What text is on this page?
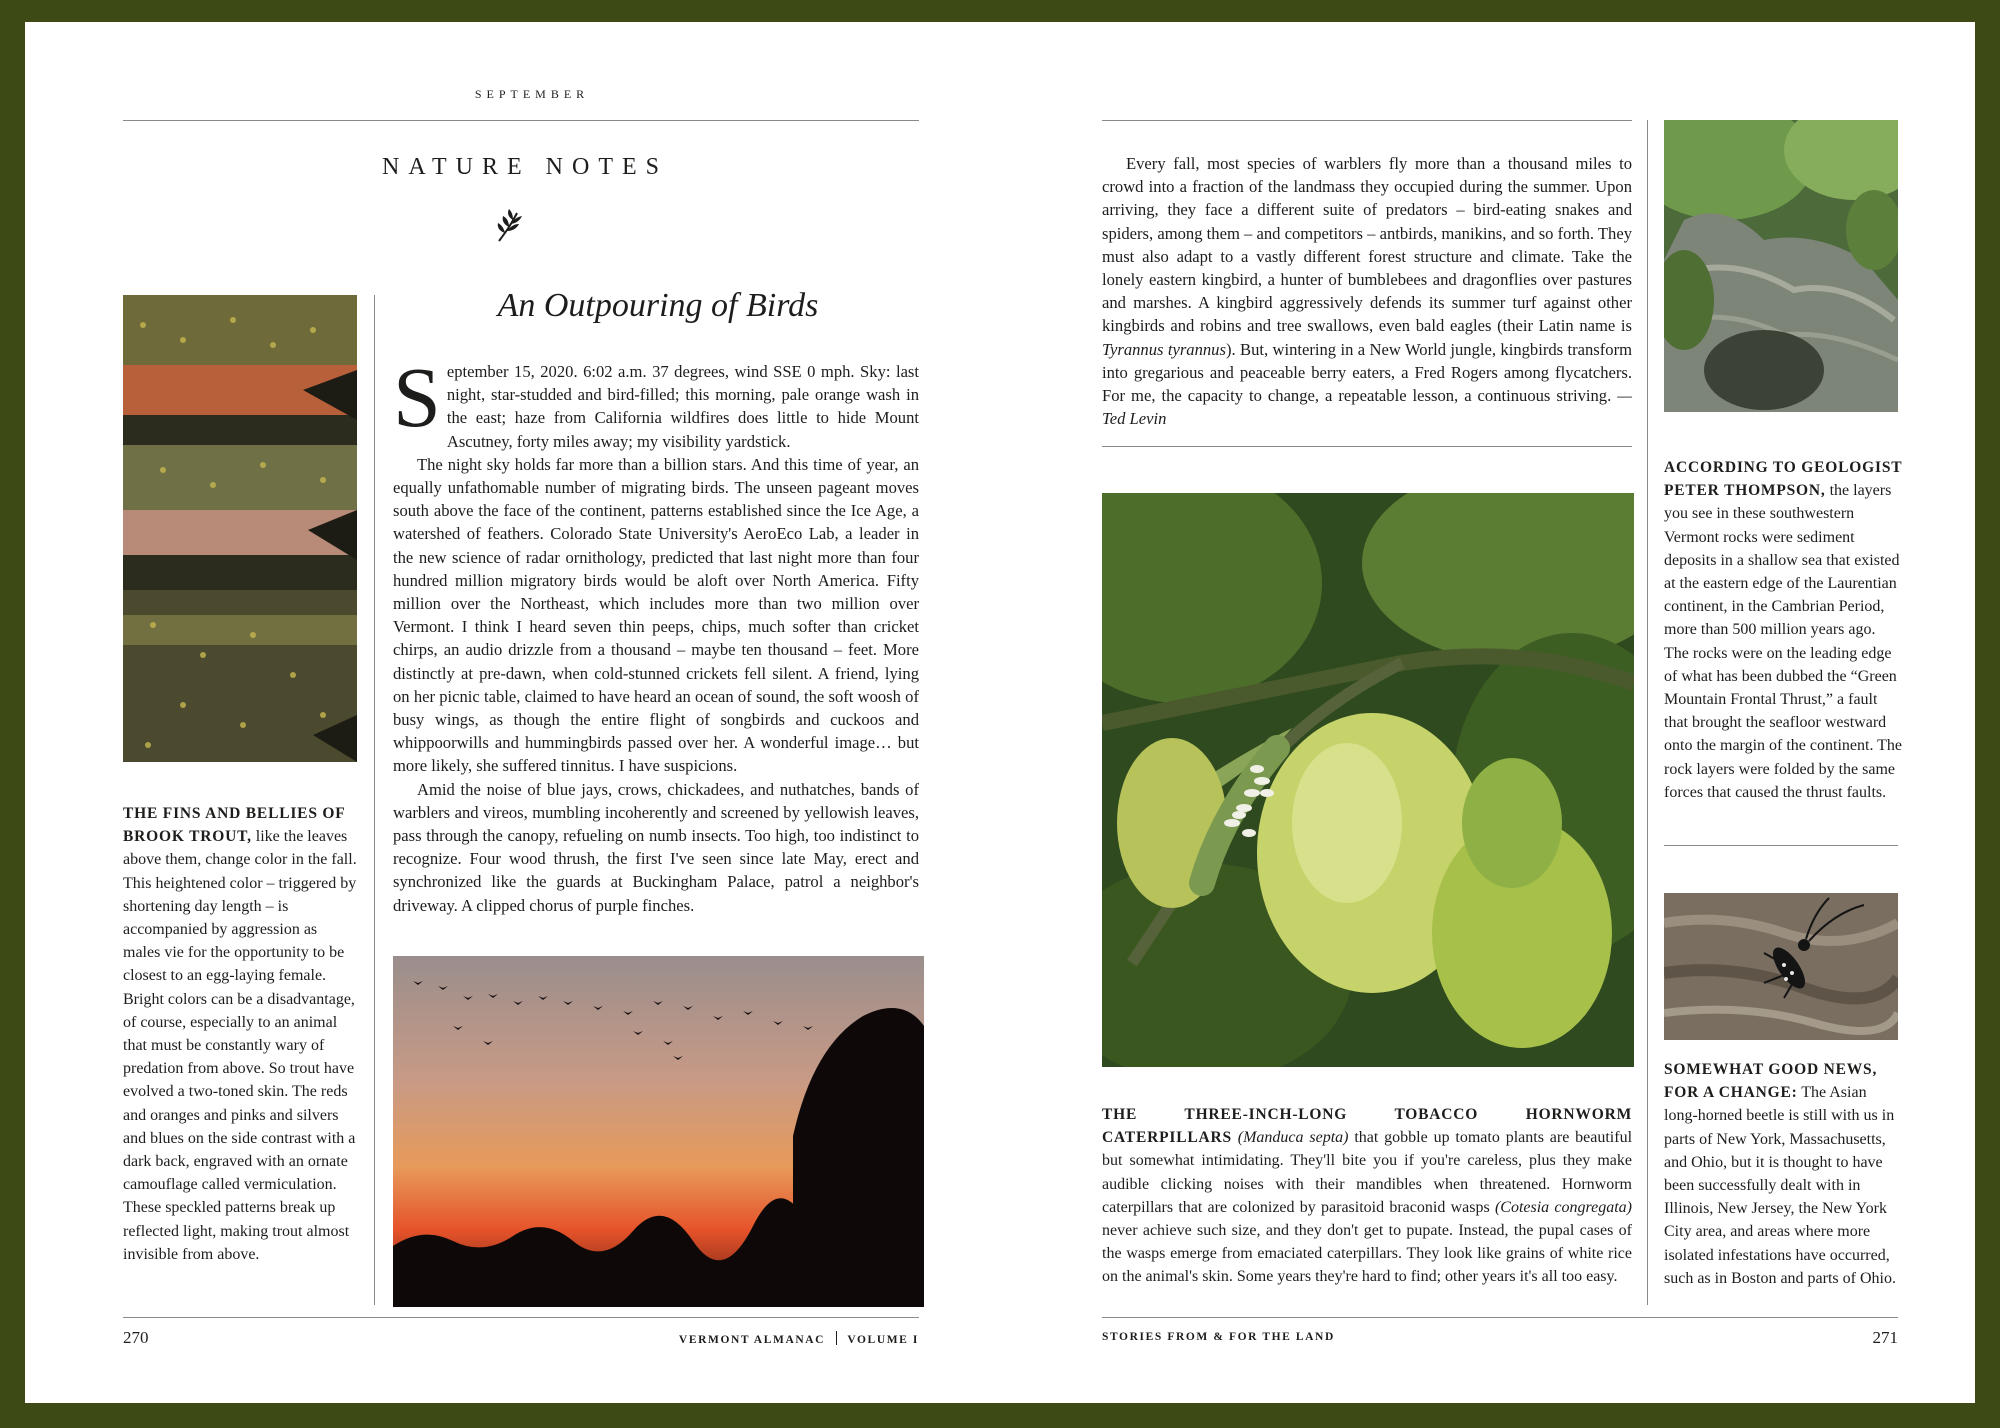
SEPTEMBER
NATURE NOTES
THE FINS AND BELLIES OF BROOK TROUT, like the leaves above them, change color in the fall. This heightened color – triggered by shortening day length – is accompanied by aggression as males vie for the opportunity to be closest to an egg-laying female. Bright colors can be a disadvantage, of course, especially to an animal that must be constantly wary of predation from above. So trout have evolved a two-toned skin. The reds and oranges and pinks and silvers and blues on the side contrast with a dark back, engraved with an ornate camouflage called vermiculation. These speckled patterns break up reflected light, making trout almost invisible from above.
An Outpouring of Birds

September 15, 2020. 6:02 a.m. 37 degrees, wind SSE 0 mph. Sky: last night, star-studded and bird-filled; this morning, pale orange wash in the east; haze from California wildfires does little to hide Mount Ascutney, forty miles away; my visibility yardstick.

The night sky holds far more than a billion stars. And this time of year, an equally unfathomable number of migrating birds. The unseen pageant moves south above the face of the continent, patterns established since the Ice Age, a watershed of feathers. Colorado State University's AeroEco Lab, a leader in the new science of radar ornithology, predicted that last night more than four hundred million migratory birds would be aloft over North America. Fifty million over the Northeast, which includes more than two million over Vermont. I think I heard seven thin peeps, chips, much softer than cricket chirps, an audio drizzle from a thousand – maybe ten thousand – feet. More distinctly at pre-dawn, when cold-stunned crickets fell silent. A friend, lying on her picnic table, claimed to have heard an ocean of sound, the soft woosh of busy wings, as though the entire flight of songbirds and cuckoos and whippoorwills and hummingbirds passed over her. A wonderful image… but more likely, she suffered tinnitus. I have suspicions.

Amid the noise of blue jays, crows, chickadees, and nuthatches, bands of warblers and vireos, mumbling incoherently and screened by yellowish leaves, pass through the canopy, refueling on numb insects. Too high, too indistinct to recognize. Four wood thrush, the first I've seen since late May, erect and synchronized like the guards at Buckingham Palace, patrol a neighbor's driveway. A clipped chorus of purple finches.

270	VERMONT ALMANAC VOLUME I

Every fall, most species of warblers fly more than a thousand miles to crowd into a fraction of the landmass they occupied during the summer. Upon arriving, they face a different suite of predators – bird-eating snakes and spiders, among them – and competitors – antbirds, manikins, and so forth. They must also adapt to a vastly different forest structure and climate. Take the lonely eastern kingbird, a hunter of bumblebees and dragonflies over pastures and marshes. A kingbird aggressively defends its summer turf against other kingbirds and robins and tree swallows, even bald eagles (their Latin name is Tyrannus tyrannus). But, wintering in a New World jungle, kingbirds transform into gregarious and peaceable berry eaters, a Fred Rogers among flycatchers. For me, the capacity to change, a repeatable lesson, a continuous striving. —Ted Levin

THE THREE-INCH-LONG TOBACCO HORNWORM CATERPILLARS (Manduca septa) that gobble up tomato plants are beautiful but somewhat intimidating. They'll bite you if you're careless, plus they make audible clicking noises with their mandibles when threatened. Hornworm caterpillars that are colonized by parasitoid braconid wasps (Cotesia congregata) never achieve such size, and they don't get to pupate. Instead, the pupal cases of the wasps emerge from emaciated caterpillars. They look like grains of white rice on the animal's skin. Some years they're hard to find; other years it's all too easy.
ACCORDING TO GEOLOGIST PETER THOMPSON, the layers you see in these southwestern Vermont rocks were sediment deposits in a shallow sea that existed at the eastern edge of the Laurentian continent, in the Cambrian Period, more than 500 million years ago. The rocks were on the leading edge of what has been dubbed the “Green Mountain Frontal Thrust,” a fault that brought the seafloor westward onto the margin of the continent. The rock layers were folded by the same forces that caused the thrust faults.
SOMEWHAT GOOD NEWS, FOR A CHANGE: The Asian long-horned beetle is still with us in parts of New York, Massachusetts, and Ohio, but it is thought to have been successfully dealt with in Illinois, New Jersey, the New York City area, and areas where more isolated infestations have occurred, such as in Boston and parts of Ohio.
STORIES FROM & FOR THE LAND	271
